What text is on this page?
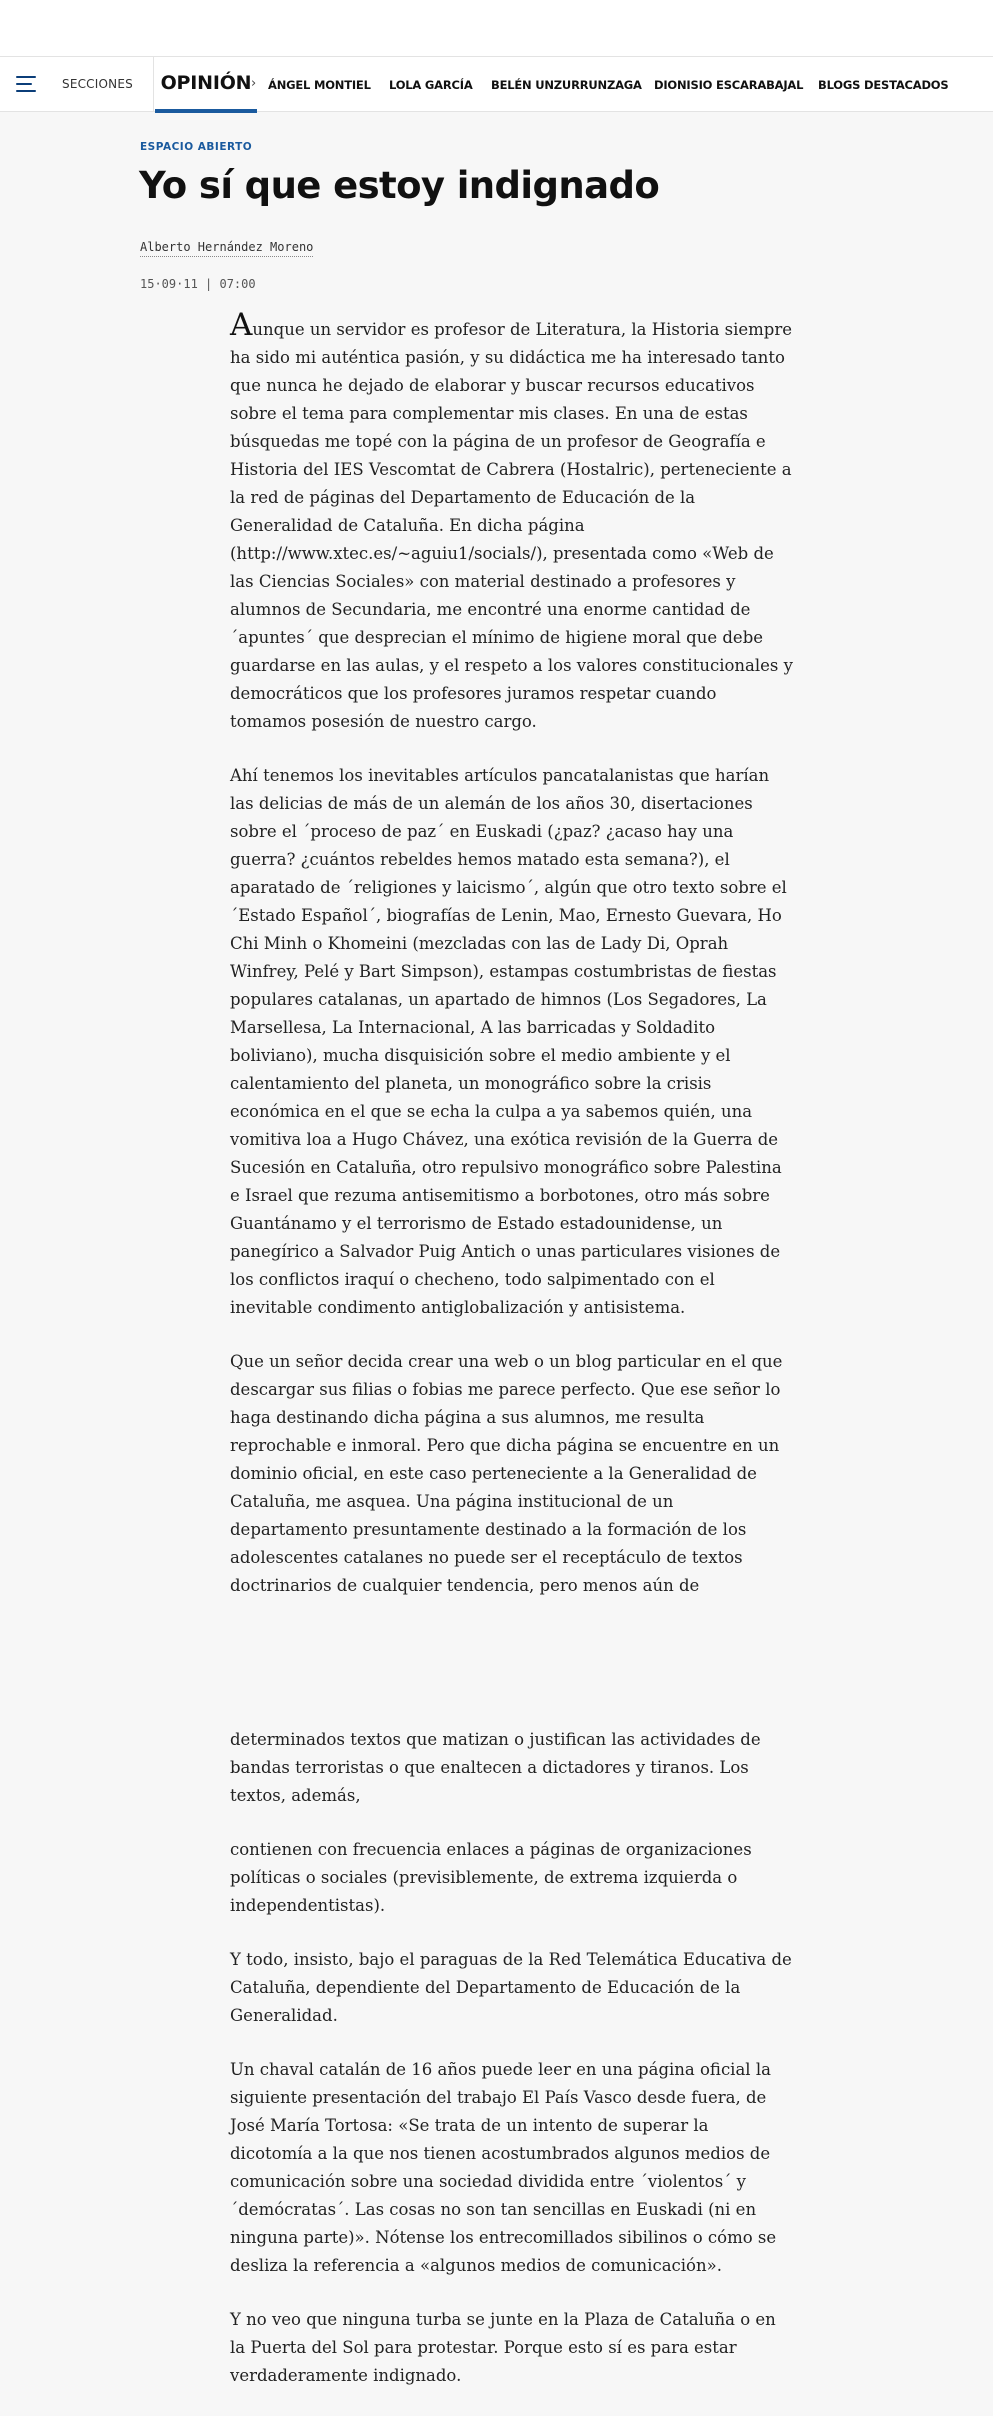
SECCIONES OPINIÓN › ÁNGEL MONTIEL LOLA GARCÍA BELÉN UNZURRUNZAGA DIONISIO ESCARABAJAL BLOGS DESTACADOS
ESPACIO ABIERTO
Yo sí que estoy indignado
Alberto Hernández Moreno
15·09·11 | 07:00

Aunque un servidor es profesor de Literatura, la Historia siempre ha sido mi auténtica pasión, y su didáctica me ha interesado tanto que nunca he dejado de elaborar y buscar recursos educativos sobre el tema para complementar mis clases. En una de estas búsquedas me topé con la página de un profesor de Geografía e Historia del IES Vescomtat de Cabrera (Hostalric), perteneciente a la red de páginas del Departamento de Educación de la Generalidad de Cataluña. En dicha página (http://www.xtec.es/~aguiu1/socials/), presentada como «Web de las Ciencias Sociales» con material destinado a profesores y alumnos de Secundaria, me encontré una enorme cantidad de ´apuntes´ que desprecian el mínimo de higiene moral que debe guardarse en las aulas, y el respeto a los valores constitucionales y democráticos que los profesores juramos respetar cuando tomamos posesión de nuestro cargo.

Ahí tenemos los inevitables artículos pancatalanistas que harían las delicias de más de un alemán de los años 30, disertaciones sobre el ´proceso de paz´ en Euskadi (¿paz? ¿acaso hay una guerra? ¿cuántos rebeldes hemos matado esta semana?), el aparatado de ´religiones y laicismo´, algún que otro texto sobre el ´Estado Español´, biografías de Lenin, Mao, Ernesto Guevara, Ho Chi Minh o Khomeini (mezcladas con las de Lady Di, Oprah Winfrey, Pelé y Bart Simpson), estampas costumbristas de fiestas populares catalanas, un apartado de himnos (Los Segadores, La Marsellesa, La Internacional, A las barricadas y Soldadito boliviano), mucha disquisición sobre el medio ambiente y el calentamiento del planeta, un monográfico sobre la crisis económica en el que se echa la culpa a ya sabemos quién, una vomitiva loa a Hugo Chávez, una exótica revisión de la Guerra de Sucesión en Cataluña, otro repulsivo monográfico sobre Palestina e Israel que rezuma antisemitismo a borbotones, otro más sobre Guantánamo y el terrorismo de Estado estadounidense, un panegírico a Salvador Puig Antich o unas particulares visiones de los conflictos iraquí o checheno, todo salpimentado con el inevitable condimento antiglobalización y antisistema.

Que un señor decida crear una web o un blog particular en el que descargar sus filias o fobias me parece perfecto. Que ese señor lo haga destinando dicha página a sus alumnos, me resulta reprochable e inmoral. Pero que dicha página se encuentre en un dominio oficial, en este caso perteneciente a la Generalidad de Cataluña, me asquea. Una página institucional de un departamento presuntamente destinado a la formación de los adolescentes catalanes no puede ser el receptáculo de textos doctrinarios de cualquier tendencia, pero menos aún de

determinados textos que matizan o justifican las actividades de bandas terroristas o que enaltecen a dictadores y tiranos. Los textos, además,

contienen con frecuencia enlaces a páginas de organizaciones políticas o sociales (previsiblemente, de extrema izquierda o independentistas).

Y todo, insisto, bajo el paraguas de la Red Telemática Educativa de Cataluña, dependiente del Departamento de Educación de la Generalidad.

Un chaval catalán de 16 años puede leer en una página oficial la siguiente presentación del trabajo El País Vasco desde fuera, de José María Tortosa: «Se trata de un intento de superar la dicotomía a la que nos tienen acostumbrados algunos medios de comunicación sobre una sociedad dividida entre ´violentos´ y ´demócratas´. Las cosas no son tan sencillas en Euskadi (ni en ninguna parte)». Nótense los entrecomillados sibilinos o cómo se desliza la referencia a «algunos medios de comunicación».

Y no veo que ninguna turba se junte en la Plaza de Cataluña o en la Puerta del Sol para protestar. Porque esto sí es para estar verdaderamente indignado.
